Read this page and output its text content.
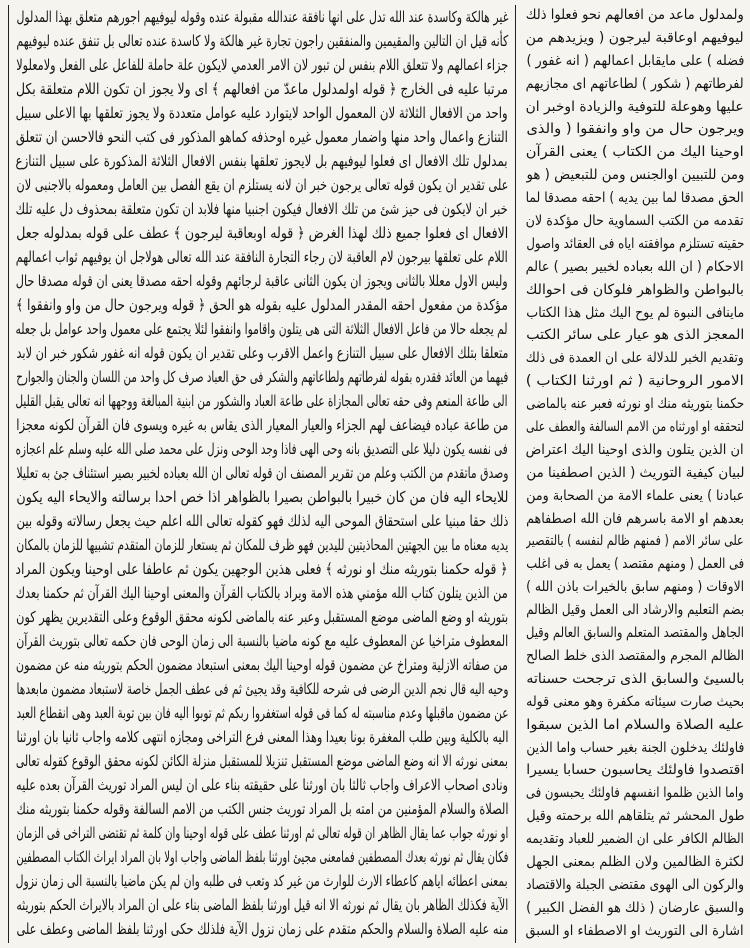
غير هالكة وكاسدة عند الله تدل على انها نافقة عندالله مقبولة عنده وقوله ليوفيهم اجورهم متعلق بهذا المدلول
كأنه قيل ان التالين والمقيمين والمنفقين راجون تجارة غير هالكة ولا كاسدة عنده تعالى بل تنفق عنده ليوفيهم
جزاء اعمالهم ولا تتعلق اللام بنفس لن تبور لان الامر العدمي لايكون علة حاملة للفاعل على الفعل ولامعلولا
مرتبا عليه فى الخارج ﴿ قوله اولمدلول ماعدّ من افعالهم ﴾ اى ولا يجوز ان تكون اللام متعلقة بكل
واحد من الافعال الثلاثة لان المعمول الواحد لايتوارد عليه عوامل متعددة ولا يجوز تعلقها بها الاعلى سبيل
التنازع واعمال واحد منها واضمار معمول غيره اوحذفه كماهو المذكور فى كتب النحو فالاحسن ان تتعلق
بمدلول تلك الافعال اى فعلوا ليوفيهم بل لايجوز تعلقها بنفس الافعال الثلاثة المذكورة على سبيل التنازع
على تقدير ان يكون قوله تعالى يرجون خبر ان لانه يستلزم ان يقع الفصل بين العامل ومعموله بالاجنبى لان
خبر ان لايكون فى حيز شئ من تلك الافعال فيكون اجنبيا منها فلابد ان تكون متعلقة بمحذوف دل عليه تلك
الافعال اى فعلوا جميع ذلك لهذا الغرض ﴿ قوله اوبعاقبة ليرجون ﴾ عطف على قوله بمدلوله جعل
اللام على تعلقها بيرجون لام العاقبة لان رجاء التجارة النافقة عند الله تعالى هولاجل ان يوفيهم ثواب اعمالهم
وليس الاول معللا بالثانى ويجوز ان يكون الثانى عاقبة لرجائهم وقوله احقه مصدقا يعنى ان قوله مصدقا حال
مؤكدة من مفعول احقه المقدر المدلول عليه بقوله هو الحق ﴿ قوله ويرجون حال من واو وانفقوا ﴾
لم يجعله حالا من فاعل الافعال الثلاثة التى هى يتلون واقاموا وانفقوا لئلا يجتمع على معمول واحد عوامل بل جعله
متعلقا بتلك الافعال على سبيل التنازع واعمل الاقرب وعلى تقدير ان يكون قوله انه غفور شكور خبر ان لابد
فيهما من العائد فقدره بقوله لفرطاتهم ولطاعاتهم والشكر فى حق العباد صرف كل واحد من اللسان والجنان والجوارح
الى طاعة المنعم وفى حقه تعالى المجازاة على طاعة العباد والشكور من ابنية المبالغة ووجهها انه تعالى يقبل القليل
من طاعة عباده فيضاعف لهم الجزاء والعيار المعيار الذى يقاس به غيره ويسوى فان القرآن لكونه معجزا
فى نفسه يكون دليلا على التصديق بانه وحى الهى فاذا وجد الوحى ونزل على محمد صلى الله عليه وسلم علم اعجازه
وصدق ماتقدم من الكتب وعلم من تقرير المصنف ان قوله تعالى ان الله بعباده لخبير بصير استئناف جئ به تعليلا
للايحاء اليه فان من كان خبيرا بالبواطن بصيرا بالظواهر اذا خص احدا برسالته والايحاء اليه يكون
ذلك حقا مبنيا على استحقاق الموحى اليه لذلك فهو كقوله تعالى الله اعلم حيث يجعل رسالاته وقوله بين
يديه معناه ما بين الجهتين المحاذيتين لليدين فهو ظرف للمكان ثم يستعار للزمان المتقدم تشبيها للزمان بالمكان
﴿ قوله حكمنا بتوريثه منك او نورثه ﴾ فعلى هذين الوجهين يكون ثم عاطفا على اوحينا ويكون المراد
من الذين يتلون كتاب الله مؤمني هذه الامة ويراد بالكتاب القرآن والمعنى اوحينا اليك القرآن ثم حكمنا بعدك
بتوريثه او وضع الماضى موضع المستقبل وعبر عنه بالماضى لكونه محقق الوقوع وعلى التقديرين يظهر كون
المعطوف متراخيا عن المعطوف عليه مع كونه ماضيا بالنسبة الى زمان الوحى فان حكمه تعالى بتوريث القرآن
من صفاته الازلية ومتراخ عن مضمون قوله اوحينا اليك بمعنى استبعاد مضمون الحكم بتوريثه منه عن مضمون
وحيه اليه قال نجم الدين الرضى فى شرحه للكافية وقد يجيئ ثم فى عطف الجمل خاصة لاستبعاد مضمون مابعدها
عن مضمون ماقبلها وعدم مناسبته له كما فى قوله استغفروا ربكم ثم توبوا اليه فان بين توبة العبد وهى انقطاع العبد
اليه بالكلية وبين طلب المغفرة بونا بعيدا وهذا المعنى فرع التراخى ومجازه انتهى كلامه واجاب ثانيا بان اورثنا
بمعنى نورثه الا انه وضع الماضى موضع المستقبل تنزيلا للمستقبل منزلة الكائن لكونه محقق الوقوع كقوله تعالى
ونادى اصحاب الاعراف واجاب ثالثا بان اورثنا على حقيقته بناء على ان ليس المراد توريث القرآن بعده عليه
الصلاة والسلام المؤمنين من امته بل المراد توريث جنس الكتب من الامم السالفة وقوله حكمنا بتوريثه منك
او نورثه جواب عما يقال الظاهر ان قوله تعالى ثم اورثنا عطف على قوله اوحينا وان كلمة ثم تقتضى التراخى فى الزمان
فكان يقال ثم نورثه بعدك المصطفين فمامعنى مجيئ اورثنا بلفظ الماضى واجاب اولا بان المراد ايراث الكتاب المصطفين
بمعنى اعطائه اياهم كاعطاء الارث للوارث من غير كد وتعب فى طلبه وان لم يكن ماضيا بالنسبة الى زمان نزول
الآية فكذلك الظاهر بان يقال ثم نورثه الا انه قيل اورثنا بلفظ الماضى بناء على ان المراد بالايراث الحكم بتوريثه
منه عليه الصلاة والسلام والحكم متقدم على زمان نزول الآية فلذلك حكى اورثنا بلفظ الماضى وعطف على
ولمدلول ماعد من افعالهم نحو فعلوا ذلك
ليوفيهم اوعاقبة ليرجون ( ويزيدهم من
فضله ) على مايقابل اعمالهم ( انه غفور )
لفرطاتهم ( شكور ) لطاعاتهم اى مجازيهم
عليها وهوعلة للتوفية والزيادة اوخبر ان
ويرجون حال من واو وانفقوا ( والذى
اوحينا اليك من الكتاب ) يعنى القرآن
ومن للتبيين اوالجنس ومن للتبعيض ( هو
الحق مصدقا لما بين يديه ) احقه مصدقا لما
تقدمه من الكتب السماوية حال مؤكدة لان
حقيته تستلزم موافقته اياه فى العقائد واصول
الاحكام ( ان الله بعباده لخبير بصير ) عالم
بالبواطن والظواهر فلوكان فى احوالك
ماينافى النبوة لم يوح اليك مثل هذا الكتاب
المعجز الذى هو عيار على سائر الكتب
وتقديم الخبر للدلالة على ان العمدة فى ذلك
الامور الروحانية ( ثم اورثنا الكتاب )
حكمنا بتوريثه منك او نورثه فعبر عنه بالماضى
لتحققه او اورثناه من الامم السالفة والعطف على
ان الذين يتلون والذى اوحينا اليك اعتراض
لبيان كيفية التوريث ( الذين اصطفينا من
عبادنا ) يعنى علماء الامة من الصحابة ومن
بعدهم او الامة باسرهم فان الله اصطفاهم
على سائر الامم ( فمنهم ظالم لنفسه ) بالتقصير
فى العمل ( ومنهم مقتصد ) يعمل به فى اغلب
الاوقات ( ومنهم سابق بالخيرات باذن الله )
بضم التعليم والارشاد الى العمل وقيل الظالم
الجاهل والمقتصد المتعلم والسابق العالم وقيل
الظالم المجرم والمقتصد الذى خلط الصالح
بالسيئ والسابق الذى ترجحت حسناته
بحيث صارت سيئاته مكفرة وهو معنى قوله
عليه الصلاة والسلام اما الذين سبقوا
فاولئك يدخلون الجنة بغير حساب واما الذين
اقتصدوا فاولئك يحاسبون حسابا يسيرا
واما الذين ظلموا انفسهم فاولئك يحبسون فى
طول المحشر ثم يتلقاهم الله برحمته وقيل
الظالم الكافر على ان الضمير للعباد وتقديمه
لكثرة الظالمين ولان الظلم بمعنى الجهل
والركون الى الهوى مقتضى الجبلة والاقتصاد
والسبق عارضان ( ذلك هو الفضل الكبير )
اشارة الى التوريث او الاصطفاء او السبق
